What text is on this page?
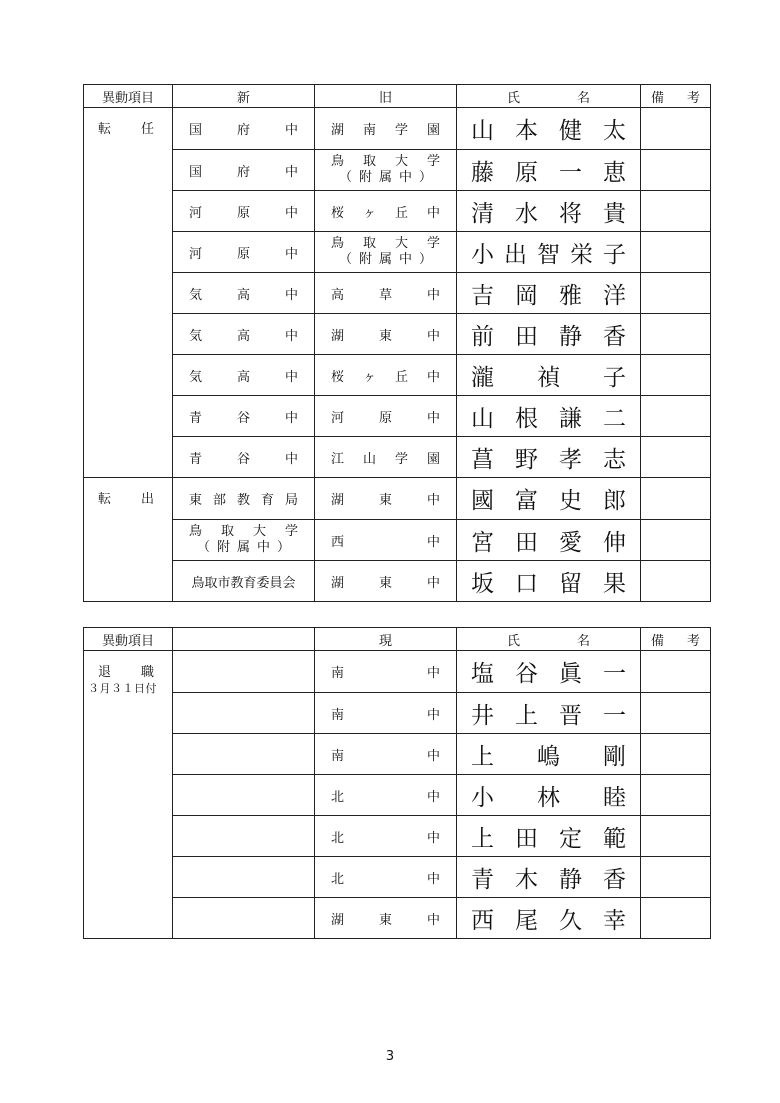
異動項目	新	旧	氏名	備考

転任	国府中	湖南学園	山本健太	

	国府中	鳥取大学
（附属中）	藤原一恵	

	河原中	桜ヶ丘中	清水将貴	

	河原中	鳥取大学
（附属中）	小出智栄子	

	気高中	高草中	吉岡雅洋	

	気高中	湖東中	前田静香	

	気高中	桜ヶ丘中	瀧禎子	

	青谷中	河原中	山根謙二	

	青谷中	江山学園	菖野孝志	

転出	東部教育局	湖東中	國富史郎	

	鳥取大学
（附属中）	西中	宮田愛伸	

	鳥取市教育委員会	湖東中	坂口留果	

異動項目		現	氏名	備考

退職
３月３１日付		南中	塩谷眞一	

		南中	井上晋一	

		南中	上嶋剛	

		北中	小林睦	

		北中	上田定範	

		北中	青木静香	

		湖東中	西尾久幸	

3
